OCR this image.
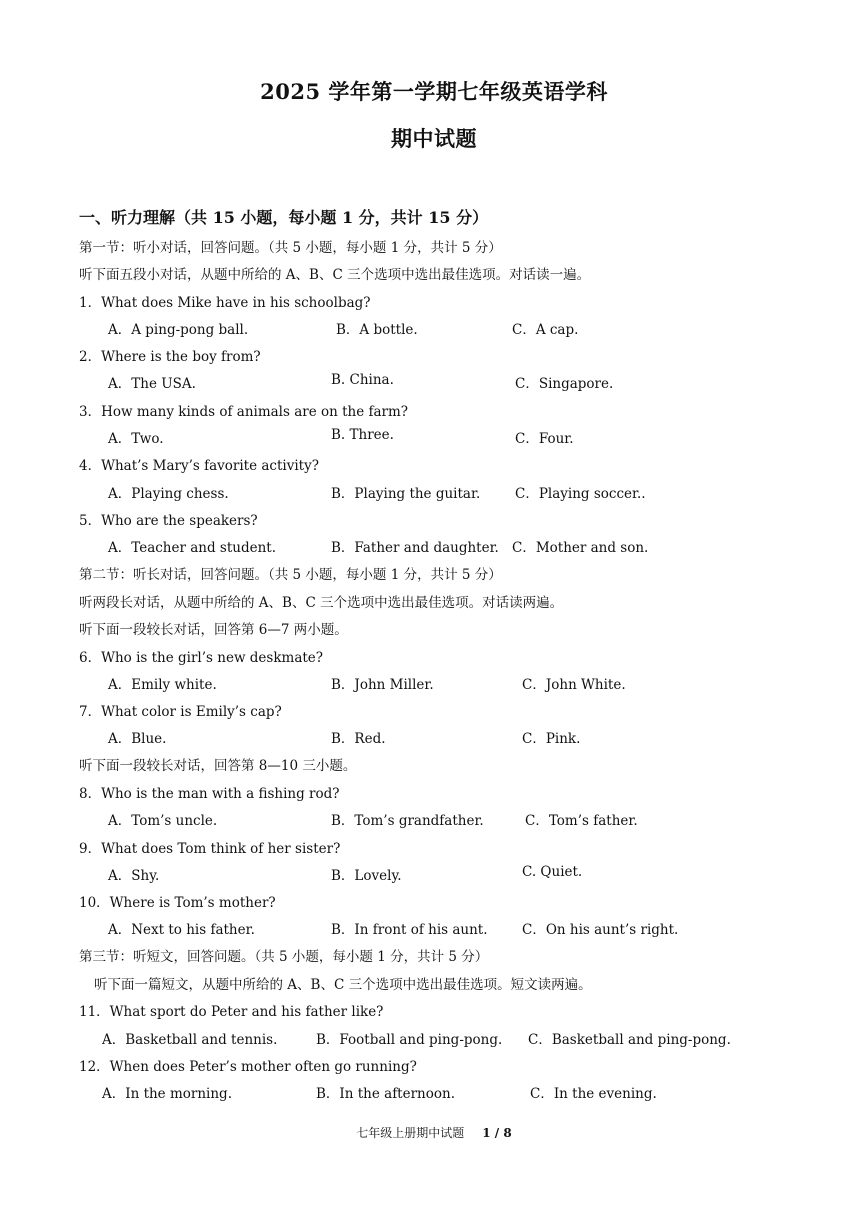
2025 学年第一学期七年级英语学科
期中试题
一、听力理解（共 15 小题，每小题 1 分，共计 15 分）
第一节：听小对话，回答问题。（共 5 小题，每小题 1 分，共计 5 分）
听下面五段小对话，从题中所给的 A、B、C 三个选项中选出最佳选项。对话读一遍。
1．What does Mike have in his schoolbag?
A．A ping-pong ball.	B．A bottle.	C．A cap.
2．Where is the boy from?
A．The USA.	B. China.	C．Singapore.
3．How many kinds of animals are on the farm?
A．Two.	B. Three.	C．Four.
4．What’s Mary’s favorite activity?
A．Playing chess.	B．Playing the guitar.	C．Playing soccer..
5．Who are the speakers?
A．Teacher and student.	B．Father and daughter. C．Mother and son.
第二节：听长对话，回答问题。（共 5 小题，每小题 1 分，共计 5 分）
听两段长对话，从题中所给的 A、B、C 三个选项中选出最佳选项。对话读两遍。
听下面一段较长对话，回答第 6—7 两小题。
6．Who is the girl’s new deskmate?
A．Emily white.	B．John Miller.	C．John White.
7．What color is Emily’s cap?
A．Blue.	B．Red.	C．Pink.
听下面一段较长对话，回答第 8—10 三小题。
8．Who is the man with a fishing rod?
A．Tom’s uncle.	B．Tom’s grandfather.	C．Tom’s father.
9．What does Tom think of her sister?
A．Shy.	B．Lovely.	C. Quiet.
10．Where is Tom’s mother?
A．Next to his father.	B．In front of his aunt.	C．On his aunt’s right.
第三节：听短文，回答问题。（共 5 小题，每小题 1 分，共计 5 分）
听下面一篇短文，从题中所给的 A、B、C 三个选项中选出最佳选项。短文读两遍。
11．What sport do Peter and his father like?
A．Basketball and tennis.	B．Football and ping-pong. C．Basketball and ping-pong.
12．When does Peter’s mother often go running?
A．In the morning.	B．In the afternoon.	C．In the evening.
七年级上册期中试题 1 / 8
